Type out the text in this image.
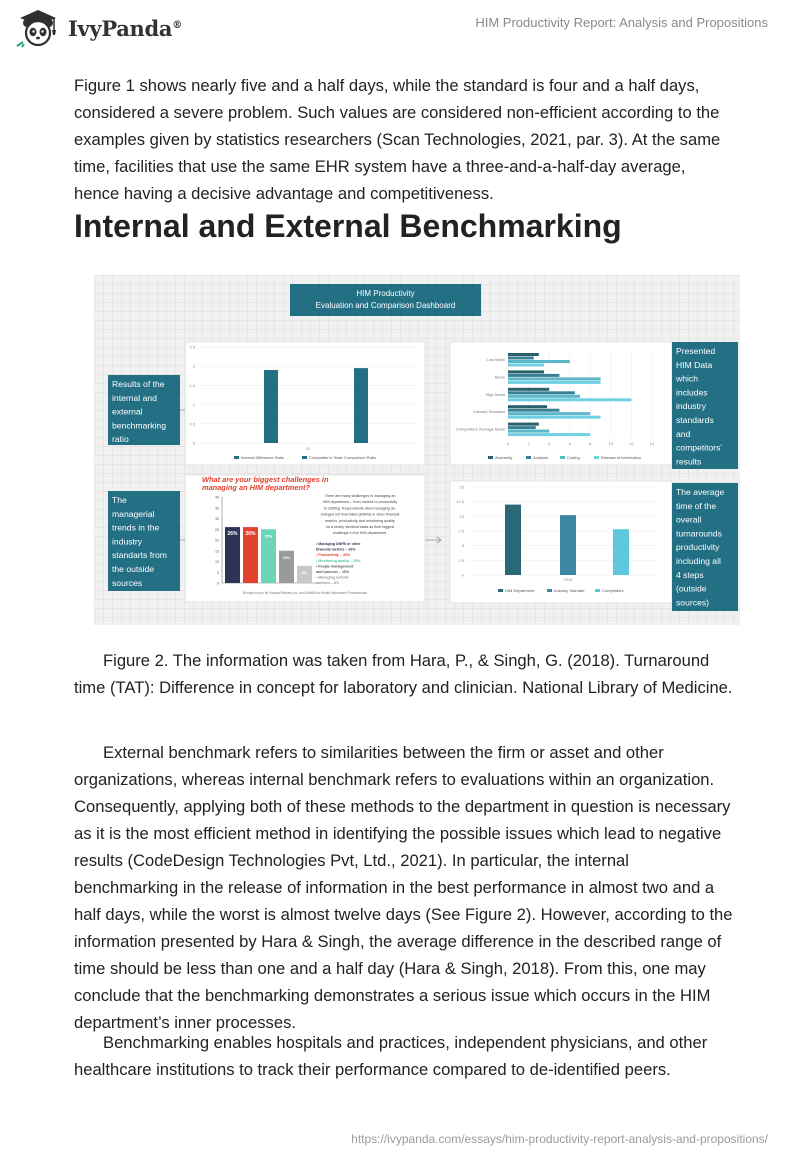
IvyPanda®	HIM Productivity Report: Analysis and Propositions
Figure 1 shows nearly five and a half days, while the standard is four and a half days, considered a severe problem. Such values are considered non-efficient according to the examples given by statistics researchers (Scan Technologies, 2021, par. 3). At the same time, facilities that use the same EHR system have a three-and-a-half-day average, hence having a decisive advantage and competitiveness.
Internal and External Benchmarking
HIM Productivity
Evaluation and Comparison Dashboard
Results of the
internal and
external
benchmarking
ratio
The
managerial
trends in the
industry
standarts from
the outside
sources
Presented
HIM Data
which
includes
industry
standards
and
competitors'
results
The average
time of the
overall
turnarounds
productivity
including all
4 steps
(outside
sources)
0
0.5
1
1.5
2
2.5
10
Internal Difference Ratio	Competitor's/ State Comparison Ratio
0	2	4	6	8	10	12	14
Low Mean
Mean
High Mean
Industry Standard
Competitors' Average Mean
Assembly	Analysis	Coding	Release of information
What are your biggest challenges in
managing an HIM department?
0
5
10
15
20
25
30
35
40
26% 26% 25%
15%
8%
There are many challenges in managing an
HIM department – from metrics to productivity
to staffing. Respondents cited managing de-
charged not final billed (DNFB) or other financial
metrics, productivity and monitoring quality
on a nearly identical basis as their biggest
challenge in the HIM department.
• Managing DNFB or other
financial metrics – 26%
• Productivity – 26%
• Monitoring quality – 25%
• People management
and turnover – 15%
• Managing outside
vendors – 8%
Brought to you by Hospital Review, Inc. and AHIMA for Health Information Professionals
0
2.5
5
7.5
10
12.5
15
2016
HIM Department	Industry Standart	Competitors
Figure 2. The information was taken from Hara, P., & Singh, G. (2018). Turnaround time (TAT): Difference in concept for laboratory and clinician. National Library of Medicine.
External benchmark refers to similarities between the firm or asset and other organizations, whereas internal benchmark refers to evaluations within an organization. Consequently, applying both of these methods to the department in question is necessary as it is the most efficient method in identifying the possible issues which lead to negative results (CodeDesign Technologies Pvt, Ltd., 2021). In particular, the internal benchmarking in the release of information in the best performance in almost two and a half days, while the worst is almost twelve days (See Figure 2). However, according to the information presented by Hara & Singh, the average difference in the described range of time should be less than one and a half day (Hara & Singh, 2018). From this, one may conclude that the benchmarking demonstrates a serious issue which occurs in the HIM department’s inner processes.
Benchmarking enables hospitals and practices, independent physicians, and other healthcare institutions to track their performance compared to de-identified peers.
https://ivypanda.com/essays/him-productivity-report-analysis-and-propositions/
